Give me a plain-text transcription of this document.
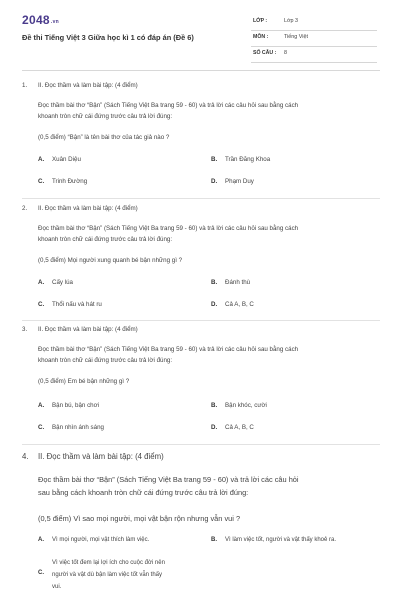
$2048^{.vn}$
Đề thi Tiếng Việt 3 Giữa học kì 1 có đáp án (Đề 6)
LỚP :	Lớp 3
MÔN :	Tiếng Việt
SỐ CÂU : 8
1. II. Đọc thầm và làm bài tập: (4 điểm)
Đọc thầm bài thơ “Bận” (Sách Tiếng Việt Ba trang 59 - 60) và trả lời các câu hỏi sau bằng cách
khoanh tròn chữ cái đứng trước câu trả lời đúng:
(0,5 điểm) “Bận” là tên bài thơ của tác giả nào ?
A. Xuân Diệu	B. Trần Đăng Khoa
C. Trinh Đường	D. Phạm Duy
2. II. Đọc thầm và làm bài tập: (4 điểm)
Đọc thầm bài thơ “Bận” (Sách Tiếng Việt Ba trang 59 - 60) và trả lời các câu hỏi sau bằng cách
khoanh tròn chữ cái đứng trước câu trả lời đúng:
(0,5 điểm) Mọi người xung quanh bé bận những gì ?
A. Cấy lúa	B. Đánh thù
C. Thổi nấu và hát ru	D. Cả A, B, C
3. II. Đọc thầm và làm bài tập: (4 điểm)
Đọc thầm bài thơ “Bận” (Sách Tiếng Việt Ba trang 59 - 60) và trả lời các câu hỏi sau bằng cách
khoanh tròn chữ cái đứng trước câu trả lời đúng:
(0,5 điểm) Em bé bận những gì ?
A. Bận bú, bận chơi	B. Bận khóc, cười
C. Bận nhìn ánh sáng	D. Cả A, B, C
4. II. Đọc thầm và làm bài tập: (4 điểm)
Đọc thầm bài thơ “Bận” (Sách Tiếng Việt Ba trang 59 - 60) và trả lời các câu hỏi
sau bằng cách khoanh tròn chữ cái đứng trước câu trả lời đúng:
(0,5 điểm) Vì sao mọi người, mọi vật bận rộn nhưng vẫn vui ?
A. Vì mọi người, mọi vật thích làm việc.	B. Vì làm việc tốt, người và vật thấy khoẻ ra.
C.
Vì việc tốt đem lại lợi ích cho cuộc đời nên
người và vật dù bận làm việc tốt vẫn thấy
vui.
